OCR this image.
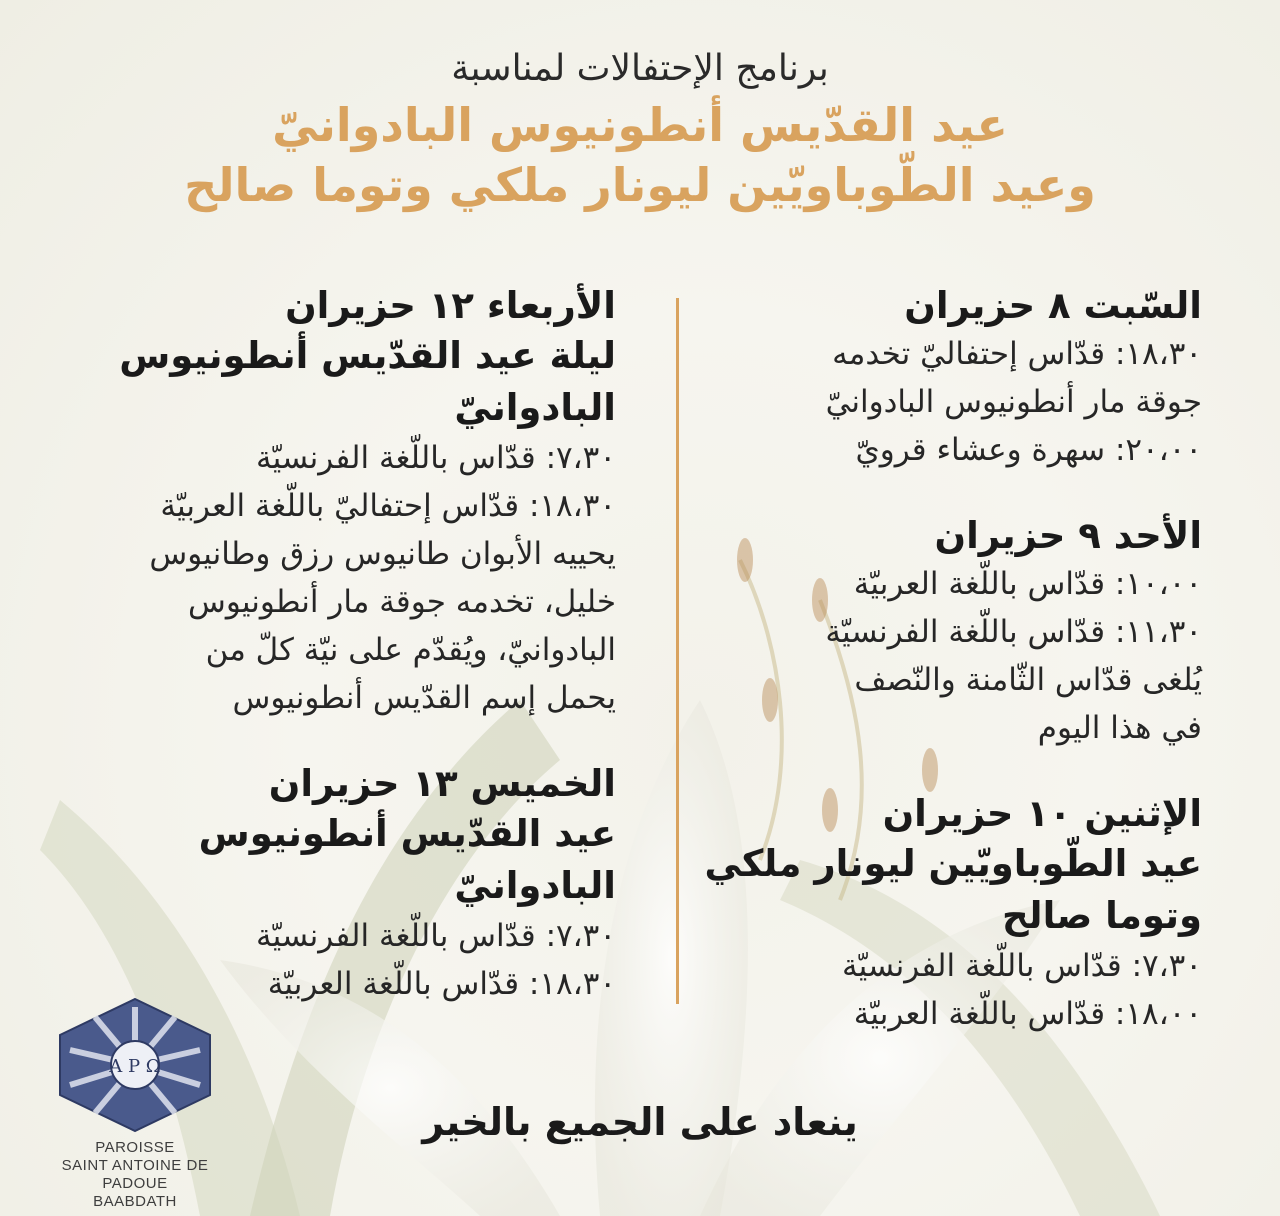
برنامج الإحتفالات لمناسبة

عيد القدّيس أنطونيوس البادوانيّ

وعيد الطّوباويّين ليونار ملكي وتوما صالح

السّبت ٨ حزيران

١٨،٣٠: قدّاس إحتفاليّ تخدمه

جوقة مار أنطونيوس البادوانيّ

٢٠،٠٠: سهرة وعشاء قرويّ

الأحد ٩ حزيران

١٠،٠٠: قدّاس باللّغة العربيّة

١١،٣٠: قدّاس باللّغة الفرنسيّة

يُلغى قدّاس الثّامنة والنّصف

في هذا اليوم

الإثنين ١٠ حزيران

عيد الطّوباويّين ليونار ملكي

وتوما صالح

٧،٣٠: قدّاس باللّغة الفرنسيّة

١٨،٠٠: قدّاس باللّغة العربيّة

الأربعاء ١٢ حزيران

ليلة عيد القدّيس أنطونيوس

البادوانيّ

٧،٣٠: قدّاس باللّغة الفرنسيّة

١٨،٣٠: قدّاس إحتفاليّ باللّغة العربيّة

يحييه الأبوان طانيوس رزق وطانيوس

خليل، تخدمه جوقة مار أنطونيوس

البادوانيّ، ويُقدّم على نيّة كلّ من

يحمل إسم القدّيس أنطونيوس

الخميس ١٣ حزيران

عيد القدّيس أنطونيوس

البادوانيّ

٧،٣٠: قدّاس باللّغة الفرنسيّة

١٨،٣٠: قدّاس باللّغة العربيّة

ينعاد على الجميع بالخير
Α Ρ Ω
PAROISSE
SAINT ANTOINE DE PADOUE
BAABDATH
